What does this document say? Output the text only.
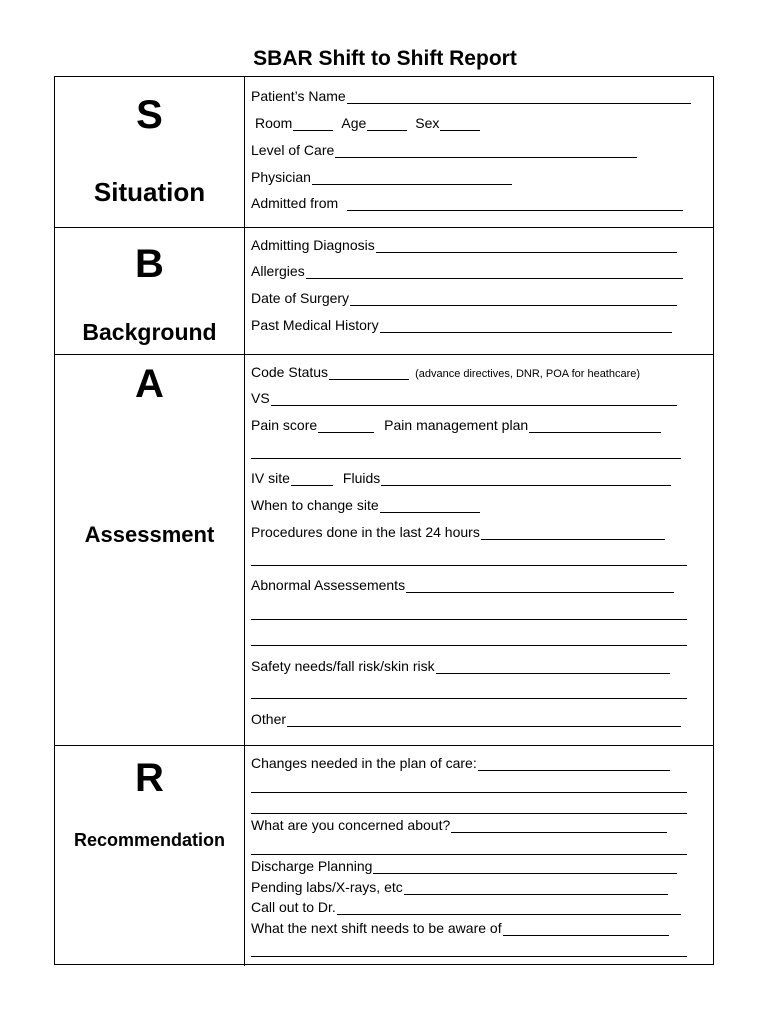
SBAR Shift to Shift Report
S
Situation
Patient’s Name
Room	Age	Sex
Level of Care
Physician
Admitted from
B
Background
Admitting Diagnosis
Allergies
Date of Surgery
Past Medical History
A
Assessment
Code Status	(advance directives, DNR, POA for heathcare)
VS
Pain score	Pain management plan
IV site	Fluids
When to change site
Procedures done in the last 24 hours
Abnormal Assessements
Safety needs/fall risk/skin risk
Other
R
Recommendation
Changes needed in the plan of care:
What are you concerned about?
Discharge Planning
Pending labs/X-rays, etc
Call out to Dr.
What the next shift needs to be aware of
